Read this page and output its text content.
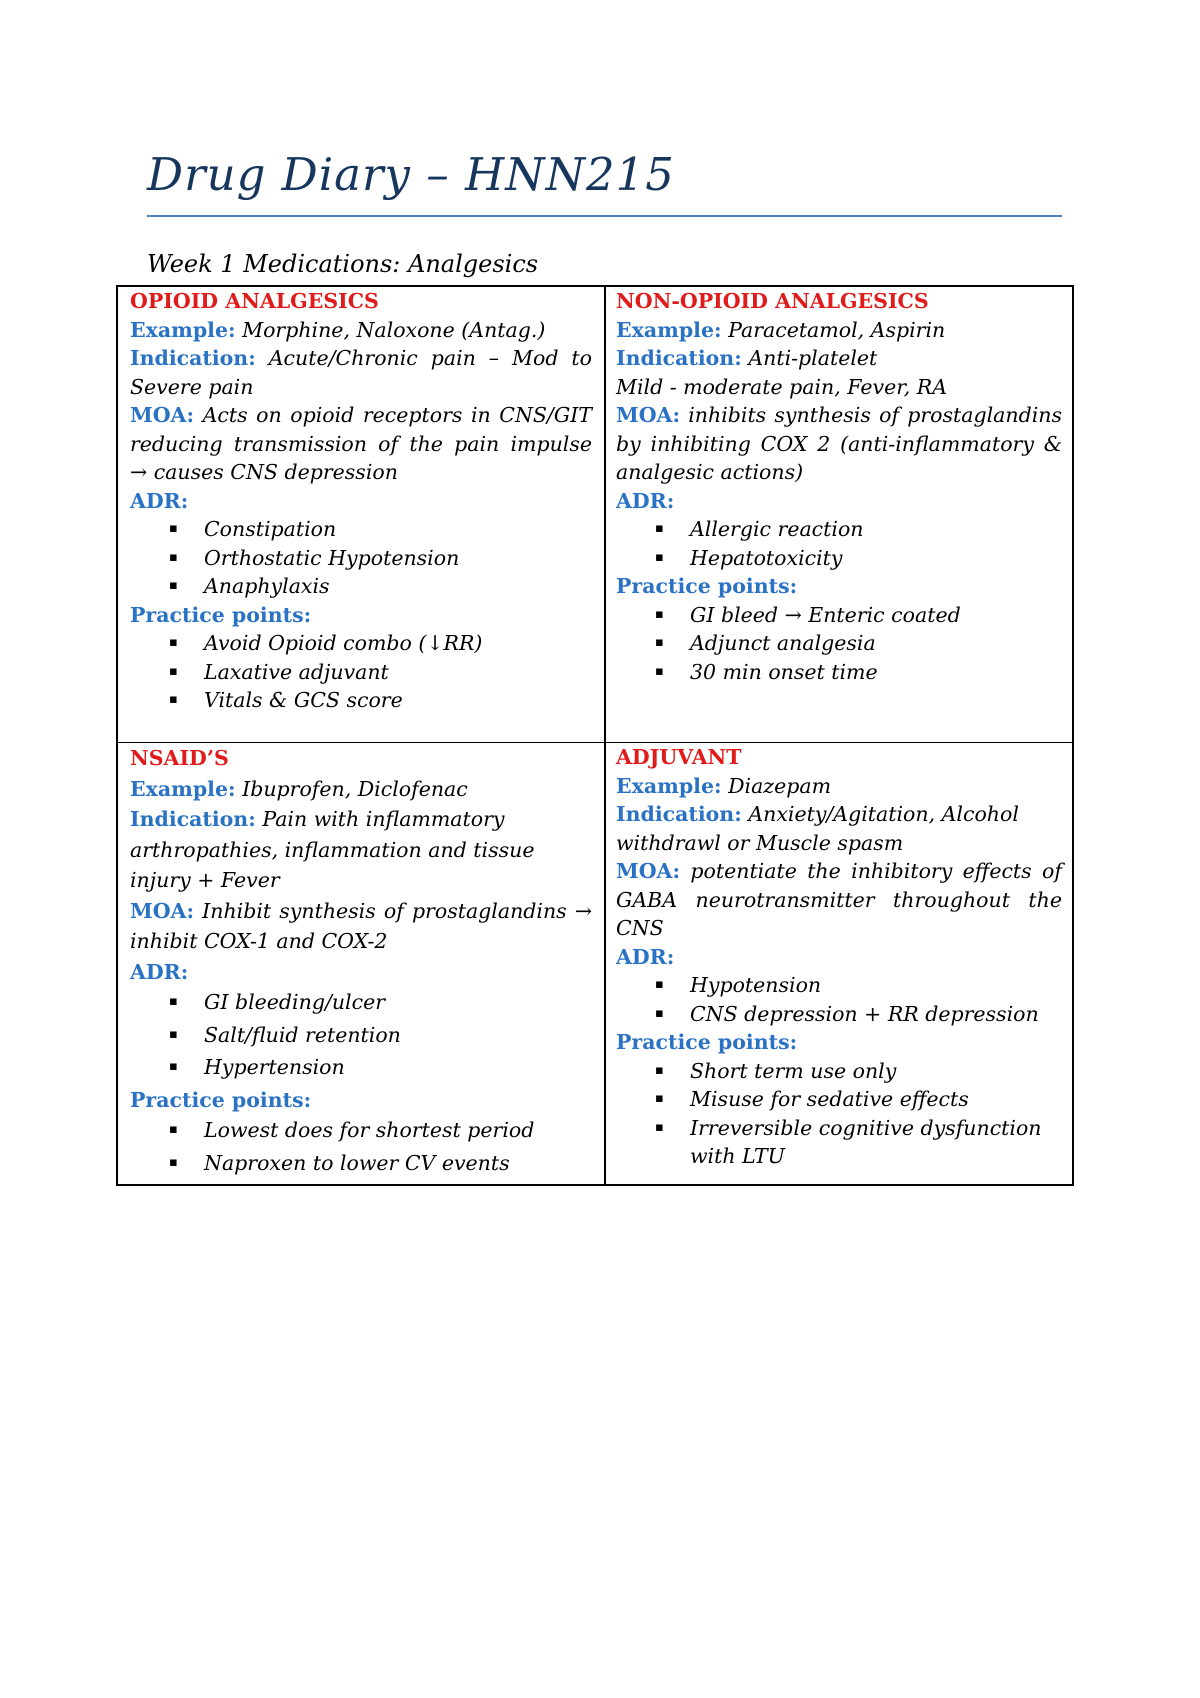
Drug Diary – HNN215
Week 1 Medications: Analgesics
OPIOID ANALGESICS
Example: Morphine, Naloxone (Antag.)
Indication: Acute/Chronic pain – Mod to Severe pain
MOA: Acts on opioid receptors in CNS/GIT reducing transmission of the pain impulse → causes CNS depression
ADR:
▪ Constipation
▪ Orthostatic Hypotension
▪ Anaphylaxis
Practice points:
▪ Avoid Opioid combo (↓RR)
▪ Laxative adjuvant
▪ Vitals & GCS score
NON-OPIOID ANALGESICS
Example: Paracetamol, Aspirin
Indication: Anti-platelet
Mild - moderate pain, Fever, RA
MOA: inhibits synthesis of prostaglandins by inhibiting COX 2 (anti-inflammatory & analgesic actions)
ADR:
▪ Allergic reaction
▪ Hepatotoxicity
Practice points:
▪ GI bleed → Enteric coated
▪ Adjunct analgesia
▪ 30 min onset time
NSAID’S
Example: Ibuprofen, Diclofenac
Indication: Pain with inflammatory arthropathies, inflammation and tissue injury + Fever
MOA: Inhibit synthesis of prostaglandins → inhibit COX-1 and COX-2
ADR:
▪ GI bleeding/ulcer
▪ Salt/fluid retention
▪ Hypertension
Practice points:
▪ Lowest does for shortest period
▪ Naproxen to lower CV events
ADJUVANT
Example: Diazepam
Indication: Anxiety/Agitation, Alcohol withdrawl or Muscle spasm
MOA: potentiate the inhibitory effects of GABA neurotransmitter throughout the CNS
ADR:
▪ Hypotension
▪ CNS depression + RR depression
Practice points:
▪ Short term use only
▪ Misuse for sedative effects
▪ Irreversible cognitive dysfunction with LTU
